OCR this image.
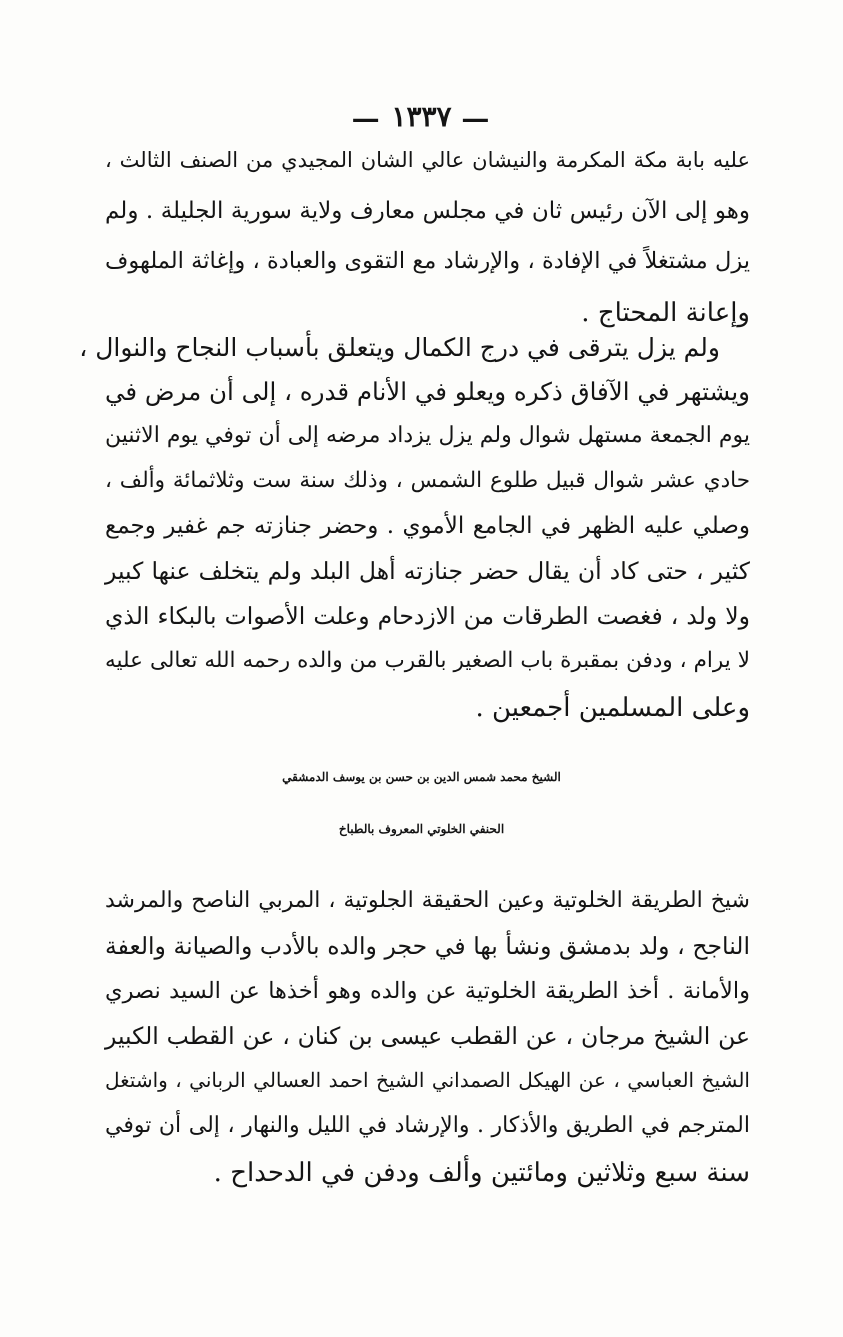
— ١٣٣٧ —
عليه بابة مكة المكرمة والنيشان عالي الشان المجيدي من الصنف الثالث ،
وهو إلى الآن رئيس ثان في مجلس معارف ولاية سورية الجليلة . ولم
يزل مشتغلاً في الإفادة ، والإرشاد مع التقوى والعبادة ، وإغاثة الملهوف
وإعانة المحتاج .
ولم يزل يترقى في درج الكمال ويتعلق بأسباب النجاح والنوال ،
ويشتهر في الآفاق ذكره ويعلو في الأنام قدره ، إلى أن مرض في
يوم الجمعة مستهل شوال ولم يزل يزداد مرضه إلى أن توفي يوم الاثنين
حادي عشر شوال قبيل طلوع الشمس ، وذلك سنة ست وثلاثمائة وألف ،
وصلي عليه الظهر في الجامع الأموي . وحضر جنازته جم غفير وجمع
كثير ، حتى كاد أن يقال حضر جنازته أهل البلد ولم يتخلف عنها كبير
ولا ولد ، فغصت الطرقات من الازدحام وعلت الأصوات بالبكاء الذي
لا يرام ، ودفن بمقبرة باب الصغير بالقرب من والده رحمه الله تعالى عليه
وعلى المسلمين أجمعين .
الشيخ محمد شمس الدين بن حسن بن يوسف الدمشقي
الحنفي الخلوتي المعروف بالطباخ
شيخ الطريقة الخلوتية وعين الحقيقة الجلوتية ، المربي الناصح والمرشد
الناجح ، ولد بدمشق ونشأ بها في حجر والده بالأدب والصيانة والعفة
والأمانة . أخذ الطريقة الخلوتية عن والده وهو أخذها عن السيد نصري
عن الشيخ مرجان ، عن القطب عيسى بن كنان ، عن القطب الكبير
الشيخ العباسي ، عن الهيكل الصمداني الشيخ احمد العسالي الرباني ، واشتغل
المترجم في الطريق والأذكار . والإرشاد في الليل والنهار ، إلى أن توفي
سنة سبع وثلاثين ومائتين وألف ودفن في الدحداح .
